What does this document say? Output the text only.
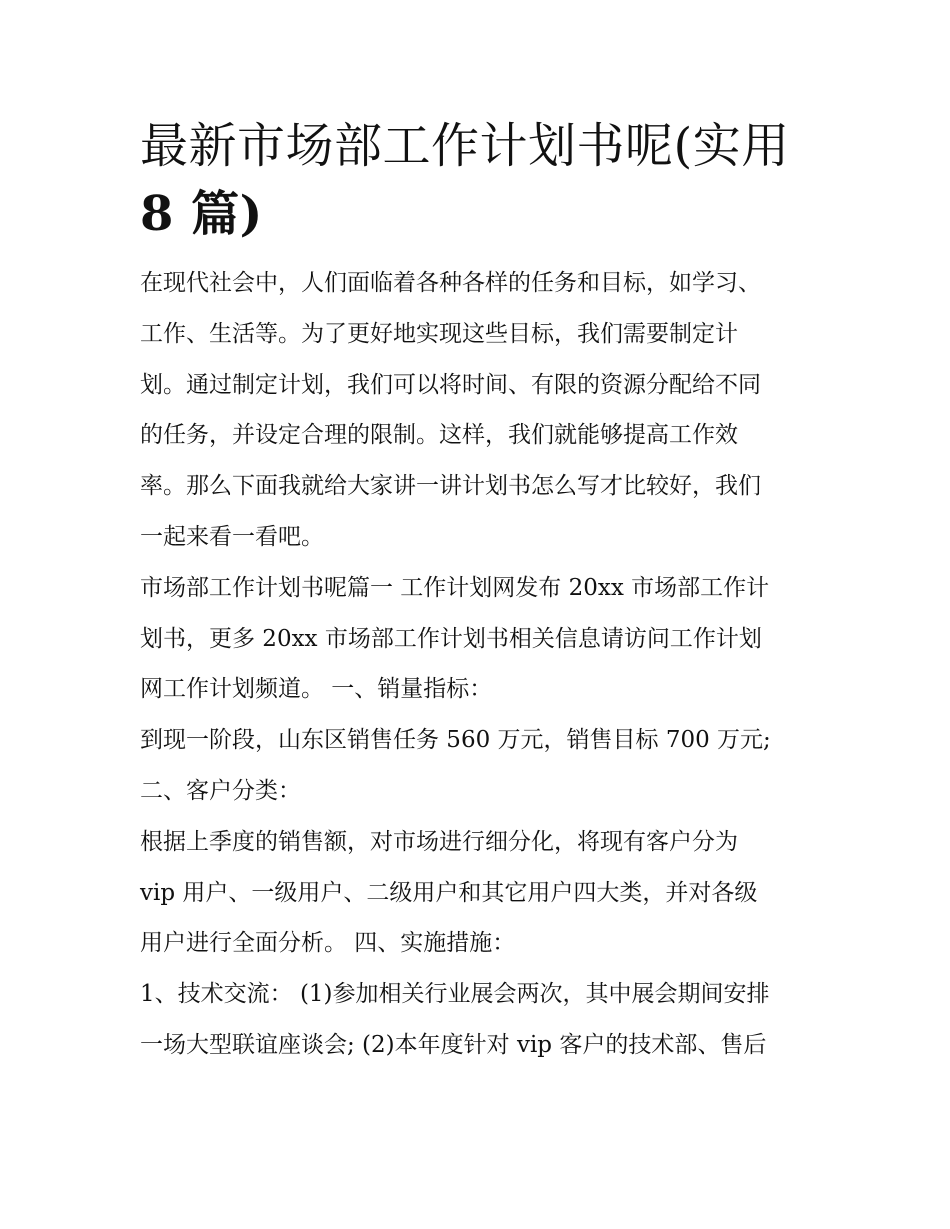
最新市场部工作计划书呢(实用
8 篇)

在现代社会中，人们面临着各种各样的任务和目标，如学习、
工作、生活等。为了更好地实现这些目标，我们需要制定计
划。通过制定计划，我们可以将时间、有限的资源分配给不同
的任务，并设定合理的限制。这样，我们就能够提高工作效
率。那么下面我就给大家讲一讲计划书怎么写才比较好，我们
一起来看一看吧。

市场部工作计划书呢篇一 工作计划网发布 20xx 市场部工作计
划书，更多 20xx 市场部工作计划书相关信息请访问工作计划
网工作计划频道。 一、销量指标：

到现一阶段，山东区销售任务 560 万元，销售目标 700 万元;
二、客户分类：

根据上季度的销售额，对市场进行细分化，将现有客户分为
vip 用户、一级用户、二级用户和其它用户四大类，并对各级
用户进行全面分析。 四、实施措施：

1、技术交流： (1)参加相关行业展会两次，其中展会期间安排
一场大型联谊座谈会; (2)本年度针对 vip 客户的技术部、售后
